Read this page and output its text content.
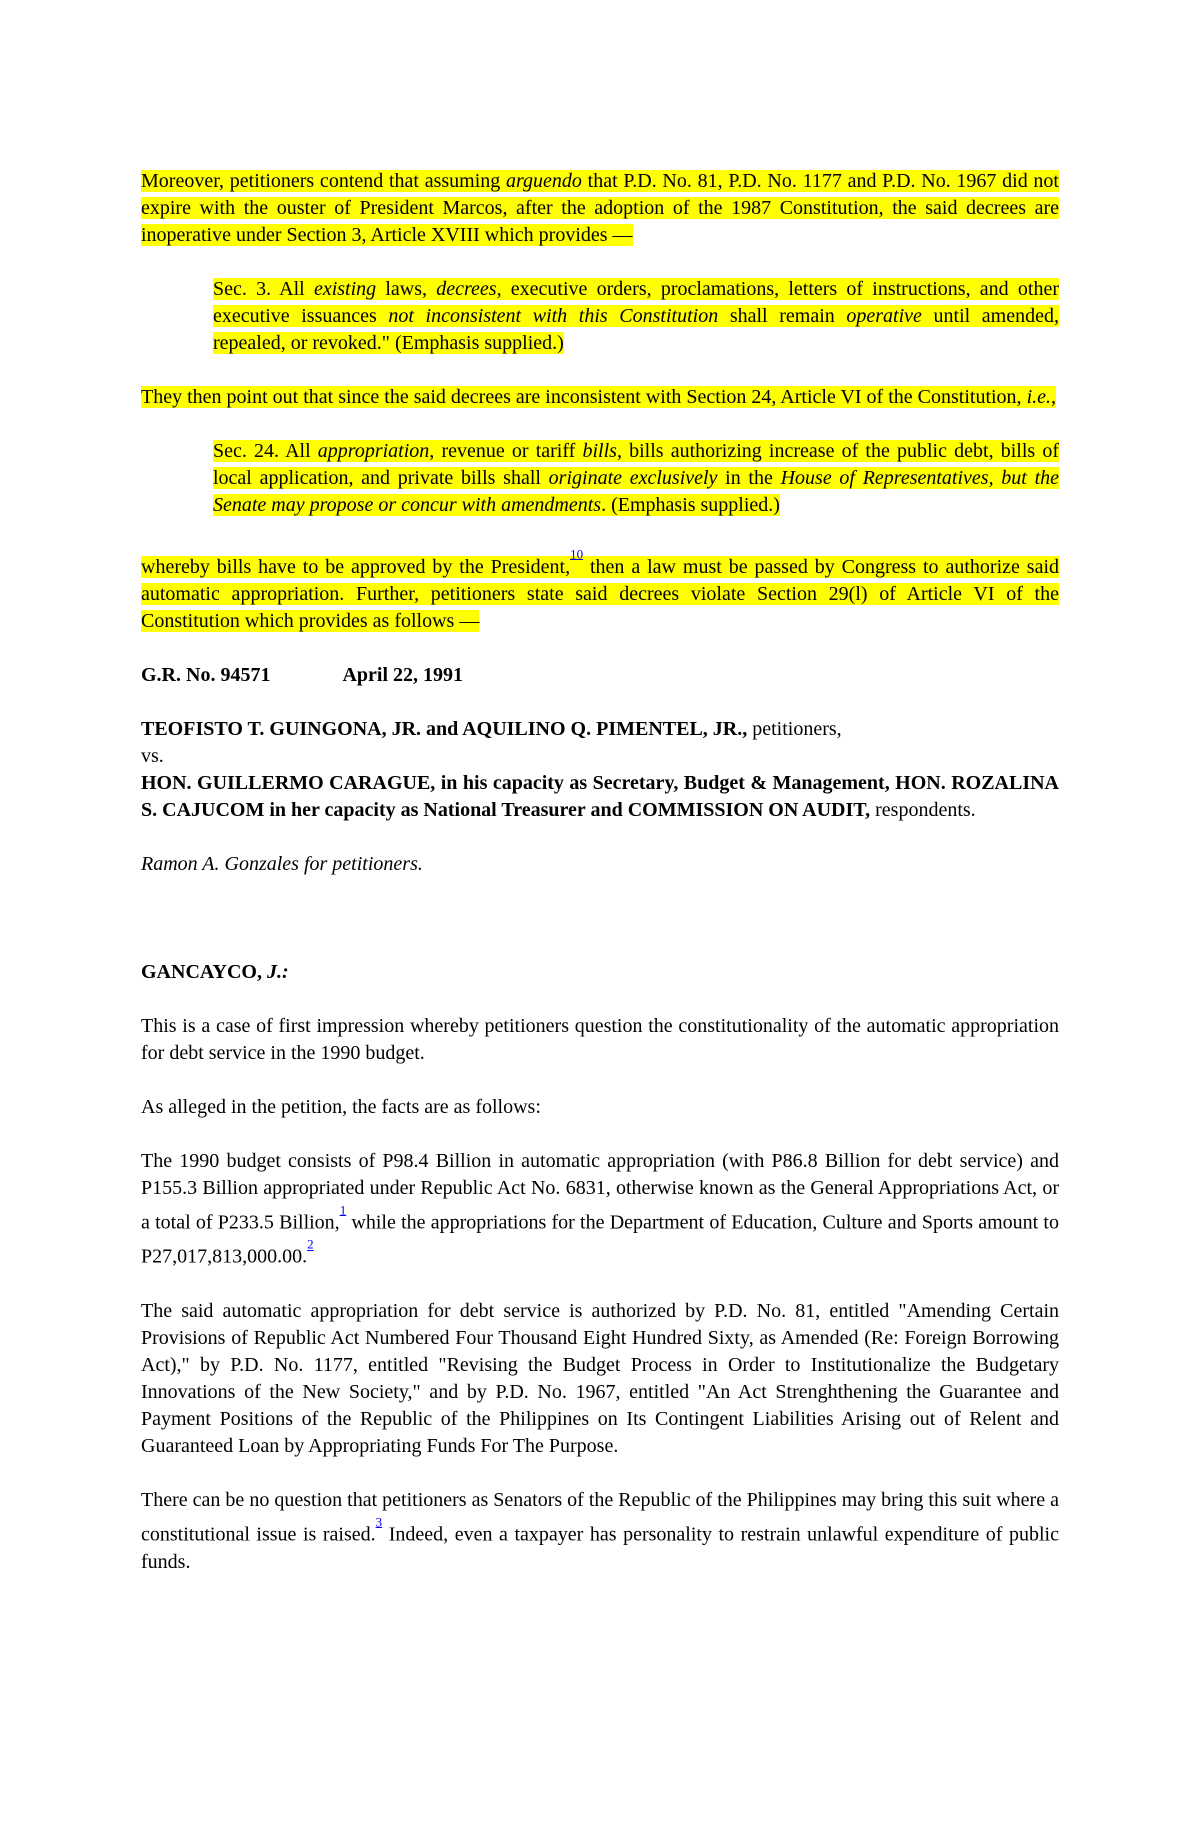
Moreover, petitioners contend that assuming arguendo that P.D. No. 81, P.D. No. 1177 and P.D. No. 1967 did not expire with the ouster of President Marcos, after the adoption of the 1987 Constitution, the said decrees are inoperative under Section 3, Article XVIII which provides —

Sec. 3. All existing laws, decrees, executive orders, proclamations, letters of instructions, and other executive issuances not inconsistent with this Constitution shall remain operative until amended, repealed, or revoked." (Emphasis supplied.)

They then point out that since the said decrees are inconsistent with Section 24, Article VI of the Constitution, i.e.,

Sec. 24. All appropriation, revenue or tariff bills, bills authorizing increase of the public debt, bills of local application, and private bills shall originate exclusively in the House of Representatives, but the Senate may propose or concur with amendments. (Emphasis supplied.)

whereby bills have to be approved by the President,$^{^{10}}$ then a law must be passed by Congress to authorize said automatic appropriation. Further, petitioners state said decrees violate Section 29(l) of Article VI of the Constitution which provides as follows —

G.R. No. 94571	April 22, 1991

TEOFISTO T. GUINGONA, JR. and AQUILINO Q. PIMENTEL, JR., petitioners,

vs.

HON. GUILLERMO CARAGUE, in his capacity as Secretary, Budget & Management, HON. ROZALINA S. CAJUCOM in her capacity as National Treasurer and COMMISSION ON AUDIT, respondents.

Ramon A. Gonzales for petitioners.

GANCAYCO, J.:

This is a case of first impression whereby petitioners question the constitutionality of the automatic appropriation for debt service in the 1990 budget.

As alleged in the petition, the facts are as follows:

The 1990 budget consists of P98.4 Billion in automatic appropriation (with P86.8 Billion for debt service) and P155.3 Billion appropriated under Republic Act No. 6831, otherwise known as the General Appropriations Act, or a total of P233.5 Billion,$^{^1}$ while the appropriations for the Department of Education, Culture and Sports amount to P27,017,813,000.00.$^{^2}$

The said automatic appropriation for debt service is authorized by P.D. No. 81, entitled "Amending Certain Provisions of Republic Act Numbered Four Thousand Eight Hundred Sixty, as Amended (Re: Foreign Borrowing Act)," by P.D. No. 1177, entitled "Revising the Budget Process in Order to Institutionalize the Budgetary Innovations of the New Society," and by P.D. No. 1967, entitled "An Act Strenghthening the Guarantee and Payment Positions of the Republic of the Philippines on Its Contingent Liabilities Arising out of Relent and Guaranteed Loan by Appropriating Funds For The Purpose.

There can be no question that petitioners as Senators of the Republic of the Philippines may bring this suit where a constitutional issue is raised.$^{^3}$ Indeed, even a taxpayer has personality to restrain unlawful expenditure of public funds.
